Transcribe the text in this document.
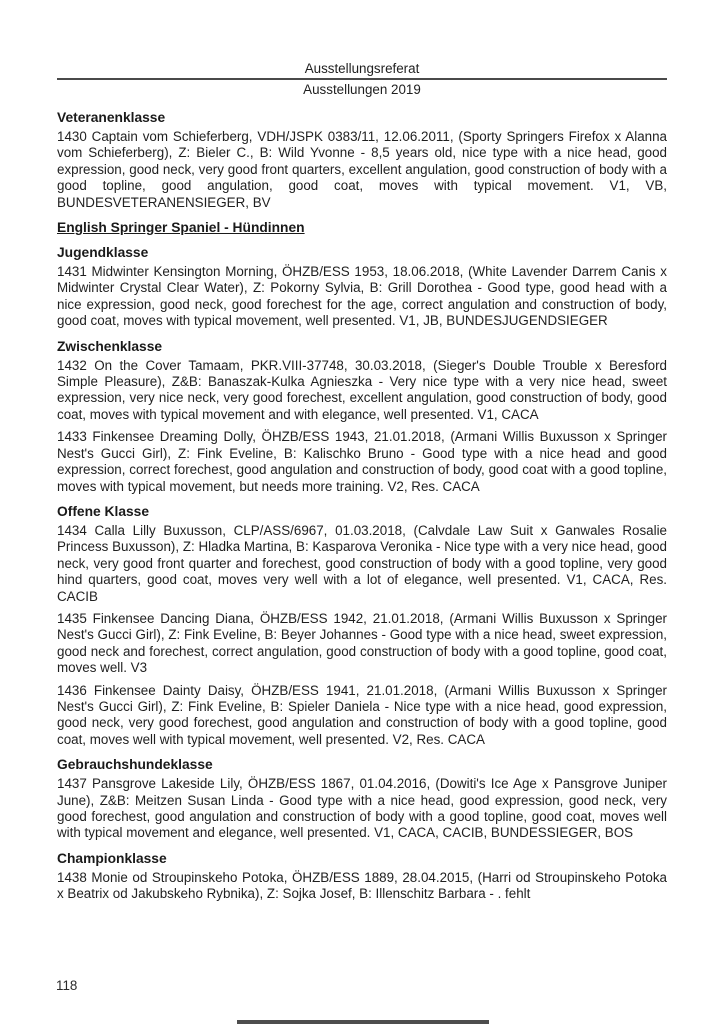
Ausstellungsreferat
Ausstellungen 2019
Veteranenklasse

1430 Captain vom Schieferberg, VDH/JSPK 0383/11, 12.06.2011, (Sporty Springers Firefox x Alanna vom Schieferberg), Z: Bieler C., B: Wild Yvonne - 8,5 years old, nice type with a nice head, good expression, good neck, very good front quarters, excellent angulation, good construction of body with a good topline, good angulation, good coat, moves with typical movement. V1, VB, BUNDESVETERANENSIEGER, BV

English Springer Spaniel - Hündinnen
Jugendklasse

1431 Midwinter Kensington Morning, ÖHZB/ESS 1953, 18.06.2018, (White Lavender Darrem Canis x Midwinter Crystal Clear Water), Z: Pokorny Sylvia, B: Grill Dorothea - Good type, good head with a nice expression, good neck, good forechest for the age, correct angulation and construction of body, good coat, moves with typical movement, well presented. V1, JB, BUNDESJUGENDSIEGER

Zwischenklasse

1432 On the Cover Tamaam, PKR.VIII-37748, 30.03.2018, (Sieger's Double Trouble x Beresford Simple Pleasure), Z&B: Banaszak-Kulka Agnieszka - Very nice type with a very nice head, sweet expression, very nice neck, very good forechest, excellent angulation, good construction of body, good coat, moves with typical movement and with elegance, well presented. V1, CACA

1433 Finkensee Dreaming Dolly, ÖHZB/ESS 1943, 21.01.2018, (Armani Willis Buxusson x Springer Nest's Gucci Girl), Z: Fink Eveline, B: Kalischko Bruno - Good type with a nice head and good expression, correct forechest, good angulation and construction of body, good coat with a good topline, moves with typical movement, but needs more training. V2, Res. CACA

Offene Klasse

1434 Calla Lilly Buxusson, CLP/ASS/6967, 01.03.2018, (Calvdale Law Suit x Ganwales Rosalie Princess Buxusson), Z: Hladka Martina, B: Kasparova Veronika - Nice type with a very nice head, good neck, very good front quarter and forechest, good construction of body with a good topline, very good hind quarters, good coat, moves very well with a lot of elegance, well presented. V1, CACA, Res. CACIB

1435 Finkensee Dancing Diana, ÖHZB/ESS 1942, 21.01.2018, (Armani Willis Buxusson x Springer Nest's Gucci Girl), Z: Fink Eveline, B: Beyer Johannes - Good type with a nice head, sweet expression, good neck and forechest, correct angulation, good construction of body with a good topline, good coat, moves well. V3

1436 Finkensee Dainty Daisy, ÖHZB/ESS 1941, 21.01.2018, (Armani Willis Buxusson x Springer Nest's Gucci Girl), Z: Fink Eveline, B: Spieler Daniela - Nice type with a nice head, good expression, good neck, very good forechest, good angulation and construction of body with a good topline, good coat, moves well with typical movement, well presented. V2, Res. CACA

Gebrauchshundeklasse

1437 Pansgrove Lakeside Lily, ÖHZB/ESS 1867, 01.04.2016, (Dowiti's Ice Age x Pansgrove Juniper June), Z&B: Meitzen Susan Linda - Good type with a nice head, good expression, good neck, very good forechest, good angulation and construction of body with a good topline, good coat, moves well with typical movement and elegance, well presented. V1, CACA, CACIB, BUNDESSIEGER, BOS

Championklasse

1438 Monie od Stroupinskeho Potoka, ÖHZB/ESS 1889, 28.04.2015, (Harri od Stroupinskeho Potoka x Beatrix od Jakubskeho Rybnika), Z: Sojka Josef, B: Illenschitz Barbara - . fehlt

118
